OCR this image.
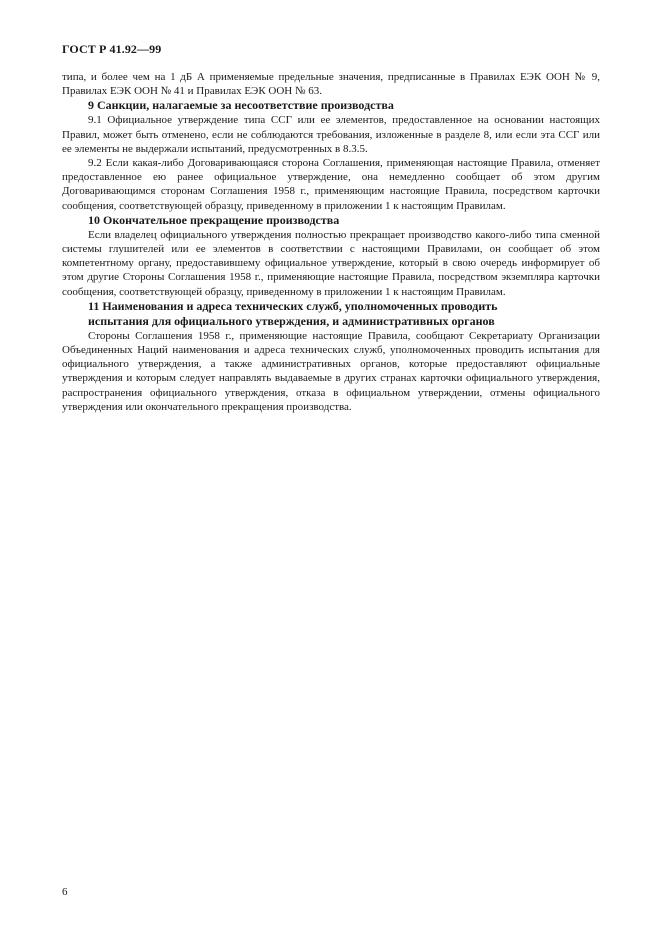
ГОСТ Р 41.92—99

типа, и более чем на 1 дБ А применяемые предельные значения, предписанные в Правилах ЕЭК ООН № 9, Правилах ЕЭК ООН № 41 и Правилах ЕЭК ООН № 63.

9 Санкции, налагаемые за несоответствие производства

9.1 Официальное утверждение типа ССГ или ее элементов, предоставленное на основании настоящих Правил, может быть отменено, если не соблюдаются требования, изложенные в разделе 8, или если эта ССГ или ее элементы не выдержали испытаний, предусмотренных в 8.3.5.

9.2 Если какая-либо Договаривающаяся сторона Соглашения, применяющая настоящие Правила, отменяет предоставленное ею ранее официальное утверждение, она немедленно сообщает об этом другим Договаривающимся сторонам Соглашения 1958 г., применяющим настоящие Правила, посредством карточки сообщения, соответствующей образцу, приведенному в приложении 1 к настоящим Правилам.

10 Окончательное прекращение производства

Если владелец официального утверждения полностью прекращает производство какого-либо типа сменной системы глушителей или ее элементов в соответствии с настоящими Правилами, он сообщает об этом компетентному органу, предоставившему официальное утверждение, который в свою очередь информирует об этом другие Стороны Соглашения 1958 г., применяющие настоящие Правила, посредством экземпляра карточки сообщения, соответствующей образцу, приведенному в приложении 1 к настоящим Правилам.

11 Наименования и адреса технических служб, уполномоченных проводить
испытания для официального утверждения, и административных органов

Стороны Соглашения 1958 г., применяющие настоящие Правила, сообщают Секретариату Организации Объединенных Наций наименования и адреса технических служб, уполномоченных проводить испытания для официального утверждения, а также административных органов, которые предоставляют официальные утверждения и которым следует направлять выдаваемые в других странах карточки официального утверждения, распространения официального утверждения, отказа в официальном утверждении, отмены официального утверждения или окончательного прекращения производства.

6
